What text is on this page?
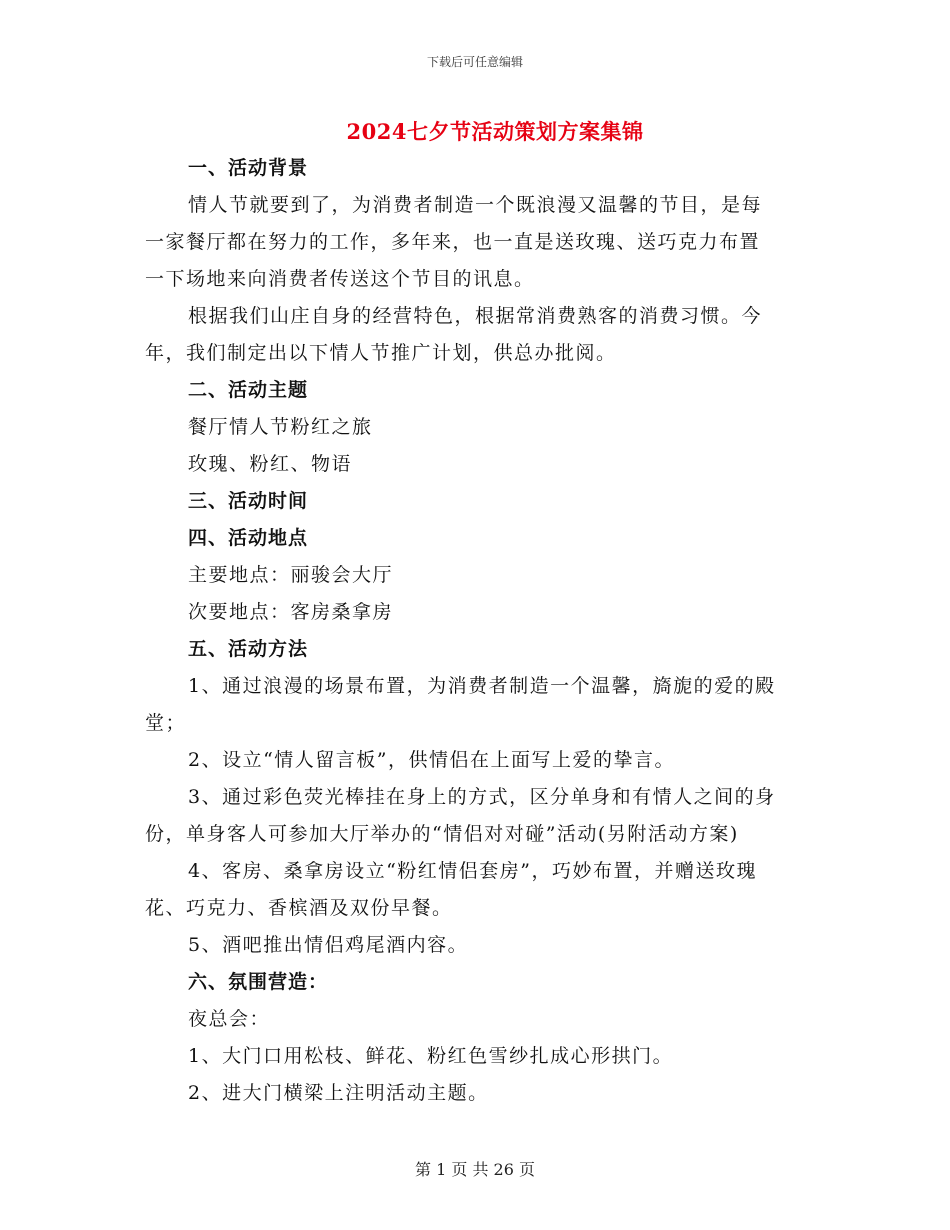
下载后可任意编辑
2024七夕节活动策划方案集锦
一、活动背景
情人节就要到了，为消费者制造一个既浪漫又温馨的节目，是每
一家餐厅都在努力的工作，多年来，也一直是送玫瑰、送巧克力布置
一下场地来向消费者传送这个节目的讯息。
根据我们山庄自身的经营特色，根据常消费熟客的消费习惯。今
年，我们制定出以下情人节推广计划，供总办批阅。
二、活动主题
餐厅情人节粉红之旅
玫瑰、粉红、物语
三、活动时间
四、活动地点
主要地点：丽骏会大厅
次要地点：客房桑拿房
五、活动方法
1、通过浪漫的场景布置，为消费者制造一个温馨，旖旎的爱的殿
堂；
2、设立“情人留言板”，供情侣在上面写上爱的挚言。
3、通过彩色荧光棒挂在身上的方式，区分单身和有情人之间的身
份，单身客人可参加大厅举办的“情侣对对碰”活动(另附活动方案)
4、客房、桑拿房设立“粉红情侣套房”，巧妙布置，并赠送玫瑰
花、巧克力、香槟酒及双份早餐。
5、酒吧推出情侣鸡尾酒内容。
六、氛围营造：
夜总会：
1、大门口用松枝、鲜花、粉红色雪纱扎成心形拱门。
2、进大门横梁上注明活动主题。
第 1 页 共 26 页
